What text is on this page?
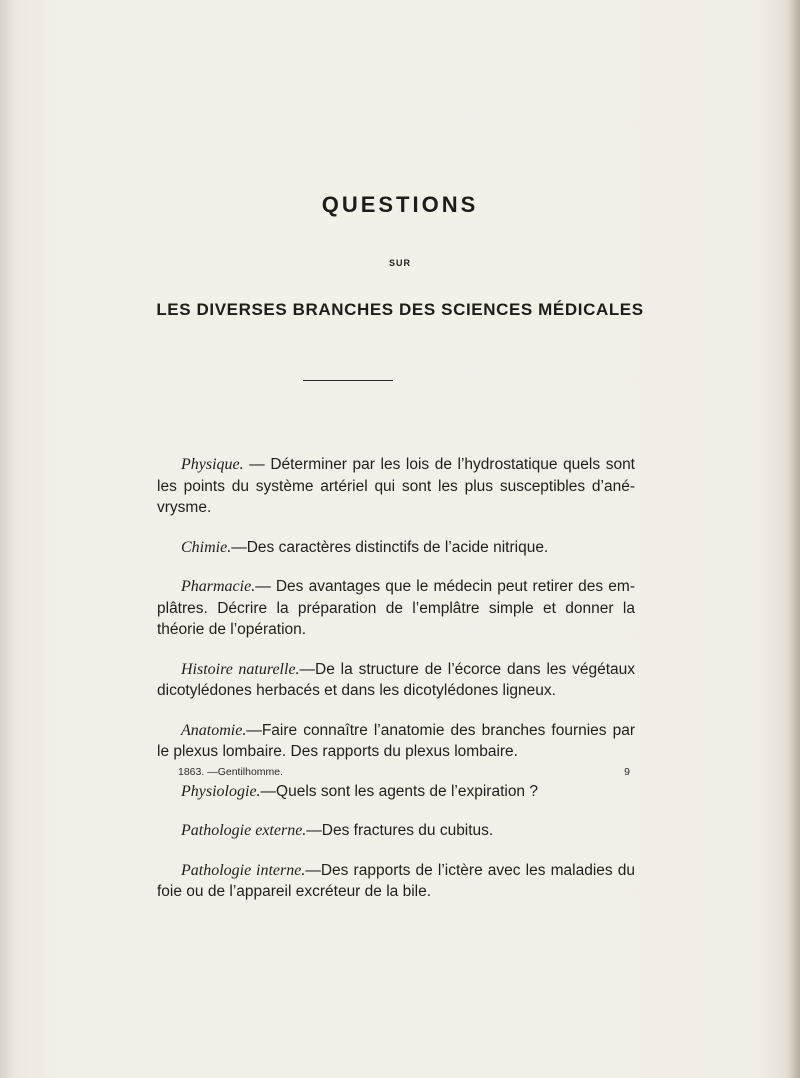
QUESTIONS
SUR
LES DIVERSES BRANCHES DES SCIENCES MÉDICALES

Physique. — Déterminer par les lois de l’hydrostatique quels sont les points du système artériel qui sont les plus susceptibles d’ané-vrysme.

Chimie.—Des caractères distinctifs de l’acide nitrique.

Pharmacie.— Des avantages que le médecin peut retirer des em-plâtres. Décrire la préparation de l’emplâtre simple et donner la théorie de l’opération.

Histoire naturelle.—De la structure de l’écorce dans les végétaux dicotylédones herbacés et dans les dicotylédones ligneux.

Anatomie.—Faire connaître l’anatomie des branches fournies par le plexus lombaire. Des rapports du plexus lombaire.

Physiologie.—Quels sont les agents de l’expiration ?

Pathologie externe.—Des fractures du cubitus.

Pathologie interne.—Des rapports de l’ictère avec les maladies du foie ou de l’appareil excréteur de la bile.

1863. —Gentilhomme.	9
